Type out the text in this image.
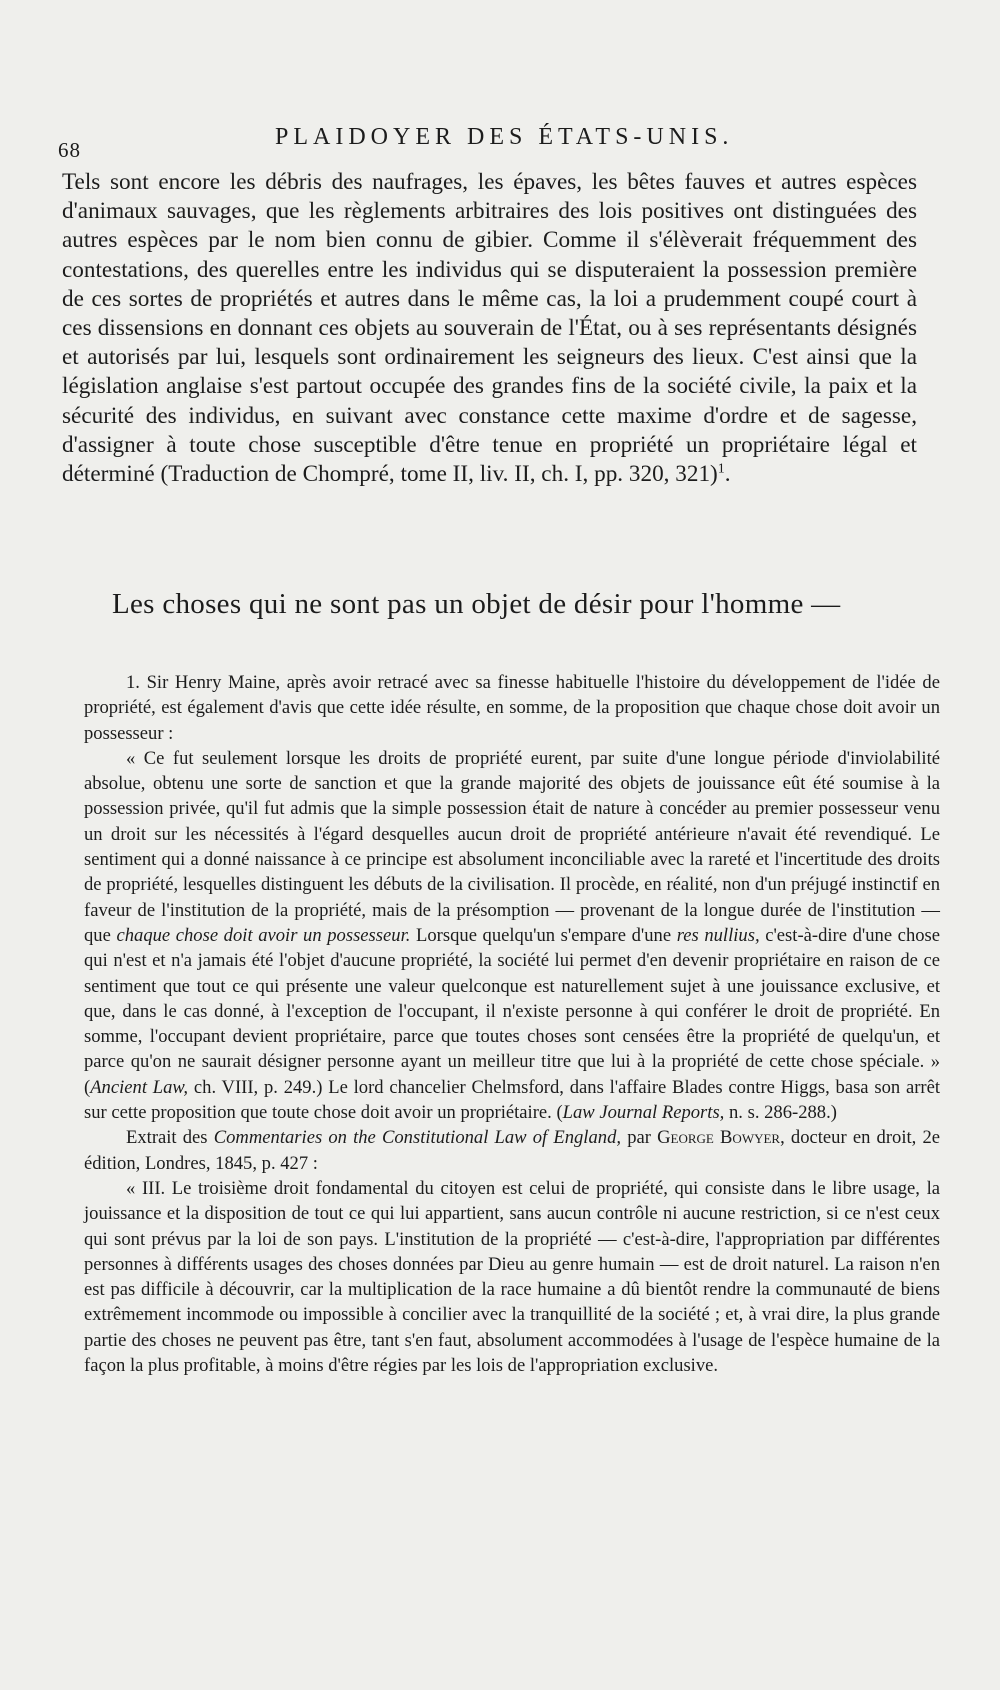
68	PLAIDOYER DES ÉTATS-UNIS.

Tels sont encore les débris des naufrages, les épaves, les bêtes fauves et autres espèces d'animaux sauvages, que les règlements arbitraires des lois positives ont distinguées des autres espèces par le nom bien connu de gibier. Comme il s'élèverait fréquemment des contestations, des querelles entre les individus qui se disputeraient la possession première de ces sortes de propriétés et autres dans le même cas, la loi a prudemment coupé court à ces dissensions en donnant ces objets au souverain de l'État, ou à ses représentants désignés et autorisés par lui, lesquels sont ordinairement les seigneurs des lieux. C'est ainsi que la législation anglaise s'est partout occupée des grandes fins de la société civile, la paix et la sécurité des individus, en suivant avec constance cette maxime d'ordre et de sagesse, d'assigner à toute chose susceptible d'être tenue en propriété un propriétaire légal et déterminé (Traduction de Chompré, tome II, liv. II, ch. I, pp. 320, 321)$^1$.

Les choses qui ne sont pas un objet de désir pour l'homme —

1. Sir Henry Maine, après avoir retracé avec sa finesse habituelle l'histoire du développement de l'idée de propriété, est également d'avis que cette idée résulte, en somme, de la proposition que chaque chose doit avoir un possesseur :

« Ce fut seulement lorsque les droits de propriété eurent, par suite d'une longue période d'inviolabilité absolue, obtenu une sorte de sanction et que la grande majorité des objets de jouissance eût été soumise à la possession privée, qu'il fut admis que la simple possession était de nature à concéder au premier possesseur venu un droit sur les nécessités à l'égard desquelles aucun droit de propriété antérieure n'avait été revendiqué. Le sentiment qui a donné naissance à ce principe est absolument inconciliable avec la rareté et l'incertitude des droits de propriété, lesquelles distinguent les débuts de la civilisation. Il procède, en réalité, non d'un préjugé instinctif en faveur de l'institution de la propriété, mais de la présomption — provenant de la longue durée de l'institution — que chaque chose doit avoir un possesseur. Lorsque quelqu'un s'empare d'une res nullius, c'est-à-dire d'une chose qui n'est et n'a jamais été l'objet d'aucune propriété, la société lui permet d'en devenir propriétaire en raison de ce sentiment que tout ce qui présente une valeur quelconque est naturellement sujet à une jouissance exclusive, et que, dans le cas donné, à l'exception de l'occupant, il n'existe personne à qui conférer le droit de propriété. En somme, l'occupant devient propriétaire, parce que toutes choses sont censées être la propriété de quelqu'un, et parce qu'on ne saurait désigner personne ayant un meilleur titre que lui à la propriété de cette chose spéciale. » (Ancient Law, ch. VIII, p. 249.) Le lord chancelier Chelmsford, dans l'affaire Blades contre Higgs, basa son arrêt sur cette proposition que toute chose doit avoir un propriétaire. (Law Journal Reports, n. s. 286-288.)

Extrait des Commentaries on the Constitutional Law of England, par George Bowyer, docteur en droit, 2e édition, Londres, 1845, p. 427 :

« III. Le troisième droit fondamental du citoyen est celui de propriété, qui consiste dans le libre usage, la jouissance et la disposition de tout ce qui lui appartient, sans aucun contrôle ni aucune restriction, si ce n'est ceux qui sont prévus par la loi de son pays. L'institution de la propriété — c'est-à-dire, l'appropriation par différentes personnes à différents usages des choses données par Dieu au genre humain — est de droit naturel. La raison n'en est pas difficile à découvrir, car la multiplication de la race humaine a dû bientôt rendre la communauté de biens extrêmement incommode ou impossible à concilier avec la tranquillité de la société ; et, à vrai dire, la plus grande partie des choses ne peuvent pas être, tant s'en faut, absolument accommodées à l'usage de l'espèce humaine de la façon la plus profitable, à moins d'être régies par les lois de l'appropriation exclusive.
